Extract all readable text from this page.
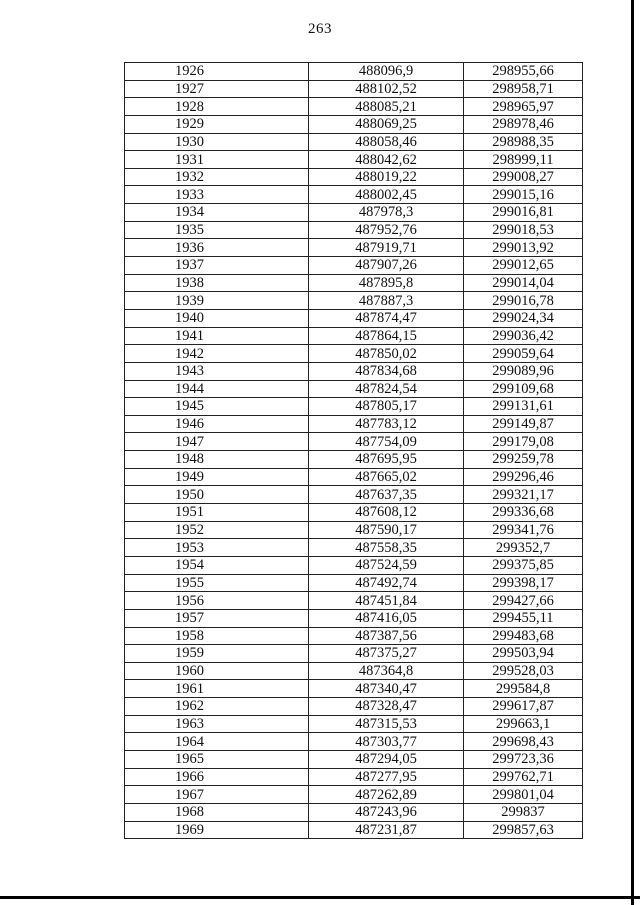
263
1926	488096,9	298955,66
1927	488102,52	298958,71
1928	488085,21	298965,97
1929	488069,25	298978,46
1930	488058,46	298988,35
1931	488042,62	298999,11
1932	488019,22	299008,27
1933	488002,45	299015,16
1934	487978,3	299016,81
1935	487952,76	299018,53
1936	487919,71	299013,92
1937	487907,26	299012,65
1938	487895,8	299014,04
1939	487887,3	299016,78
1940	487874,47	299024,34
1941	487864,15	299036,42
1942	487850,02	299059,64
1943	487834,68	299089,96
1944	487824,54	299109,68
1945	487805,17	299131,61
1946	487783,12	299149,87
1947	487754,09	299179,08
1948	487695,95	299259,78
1949	487665,02	299296,46
1950	487637,35	299321,17
1951	487608,12	299336,68
1952	487590,17	299341,76
1953	487558,35	299352,7
1954	487524,59	299375,85
1955	487492,74	299398,17
1956	487451,84	299427,66
1957	487416,05	299455,11
1958	487387,56	299483,68
1959	487375,27	299503,94
1960	487364,8	299528,03
1961	487340,47	299584,8
1962	487328,47	299617,87
1963	487315,53	299663,1
1964	487303,77	299698,43
1965	487294,05	299723,36
1966	487277,95	299762,71
1967	487262,89	299801,04
1968	487243,96	299837
1969	487231,87	299857,63
